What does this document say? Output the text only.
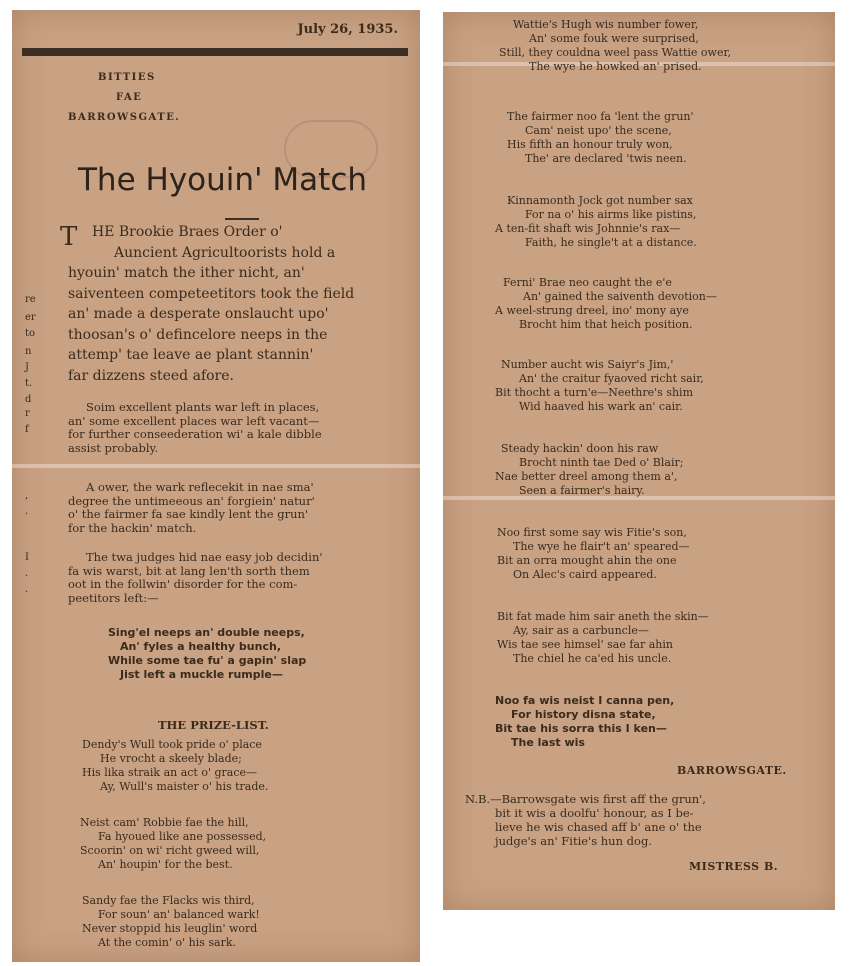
July 26, 1935.
BITTIES
FAE
BARROWSGATE.
The Hyouin' Match
T HE Brookie Braes Order o'
Auncient Agricultoorists hold a
hyouin' match the ither nicht, an'
saiventeen competeetitors took the field
an' made a desperate onslaucht upo'
thoosan's o' defincelore neeps in the
attemp' tae leave ae plant stannin'
far dizzens steed afore.
Soim excellent plants war left in places,
an' some excellent places war left vacant—
for further conseederation wi' a kale dibble
assist probably.
A ower, the wark reflecekit in nae sma'
degree the untimeeous an' forgiein' natur'
o' the fairmer fa sae kindly lent the grun'
for the hackin' match.
The twa judges hid nae easy job decidin'
fa wis warst, bit at lang len'th sorth them
oot in the follwin' disorder for the com-
peetitors left:—
Sing'el neeps an' double neeps,
An' fyles a healthy bunch,
While some tae fu' a gapin' slap
Jist left a muckle rumple—
THE PRIZE-LIST.
Dendy's Wull took pride o' place
He vrocht a skeely blade;
His lika straik an act o' grace—
Ay, Wull's maister o' his trade.
Neist cam' Robbie fae the hill,
Fa hyoued like ane possessed,
Scoorin' on wi' richt gweed will,
An' houpin' for the best.
Sandy fae the Flacks wis third,
For soun' an' balanced wark!
Never stoppid his leuglin' word
At the comin' o' his sark.
re
er
to
n
J
t.
d
r
f
,
.
I
.
.
Wattie's Hugh wis number fower,
An' some fouk were surprised,
Still, they couldna weel pass Wattie ower,
The wye he howked an' prised.
The fairmer noo fa 'lent the grun'
Cam' neist upo' the scene,
His fifth an honour truly won,
The' are declared 'twis neen.
Kinnamonth Jock got number sax
For na o' his airms like pistins,
A ten-fit shaft wis Johnnie's rax—
Faith, he single't at a distance.
Ferni' Brae neo caught the e'e
An' gained the saiventh devotion—
A weel-strung dreel, ino' mony aye
Brocht him that heich position.
Number aucht wis Saiyr's Jim,'
An' the craitur fyaoved richt sair,
Bit thocht a turn'e—Neethre's shim
Wid haaved his wark an' cair.
Steady hackin' doon his raw
Brocht ninth tae Ded o' Blair;
Nae better dreel among them a',
Seen a fairmer's hairy.
Noo first some say wis Fitie's son,
The wye he flair't an' speared—
Bit an orra mought ahin the one
On Alec's caird appeared.
Bit fat made him sair aneth the skin—
Ay, sair as a carbuncle—
Wis tae see himsel' sae far ahin
The chiel he ca'ed his uncle.
Noo fa wis neist I canna pen,
For history disna state,
Bit tae his sorra this I ken—
The last wis
BARROWSGATE.
N.B.—Barrowsgate wis first aff the grun',
bit it wis a doolfu' honour, as I be-
lieve he wis chased aff b' ane o' the
judge's an' Fitie's hun dog.
MISTRESS B.
